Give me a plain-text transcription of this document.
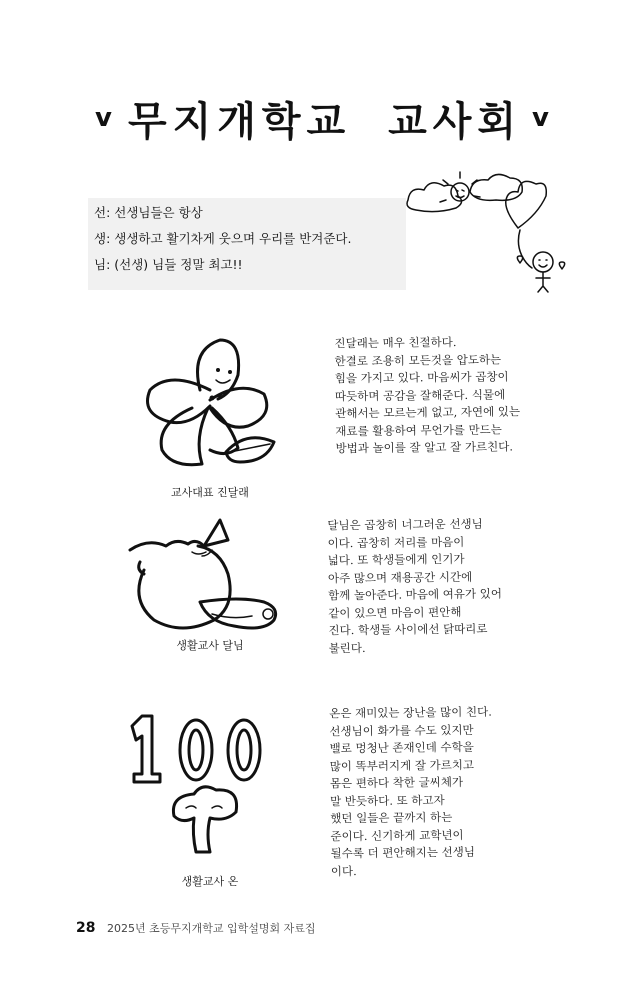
v 무지개학교 교사회 v
선: 선생님들은 항상
생: 생생하고 활기차게 웃으며 우리를 반겨준다.
님: (선생) 님들 정말 최고!!
교사대표 진달래
진달래는 매우 친절하다.
한결로 조용히 모든것을 압도하는
힘을 가지고 있다. 마음씨가 곱창이
따듯하며 공감을 잘해준다. 식물에
관해서는 모르는게 없고, 자연에 있는
재료를 활용하여 무언가를 만드는
방법과 놀이를 잘 알고 잘 가르친다.
생활교사 달님
달님은 곱창히 너그러운 선생님
이다. 곱창히 저리를 마음이
넓다. 또 학생들에게 인기가
아주 많으며 재용공간 시간에
함께 놀아준다. 마음에 여유가 있어
같이 있으면 마음이 편안해
진다. 학생들 사이에선 닭따리로
불린다.
생활교사 온
온은 재미있는 장난을 많이 친다.
선생님이 화가를 수도 있지만
밸로 멍청난 존재인데 수학을
많이 똑부러지게 잘 가르치고
몸은 편하다 착한 글씨체가
말 반듯하다. 또 하고자
했던 일들은 끝까지 하는
준이다. 신기하게 교학년이
될수록 더 편안해지는 선생님
이다.
28 2025년 초등무지개학교 입학설명회 자료집
